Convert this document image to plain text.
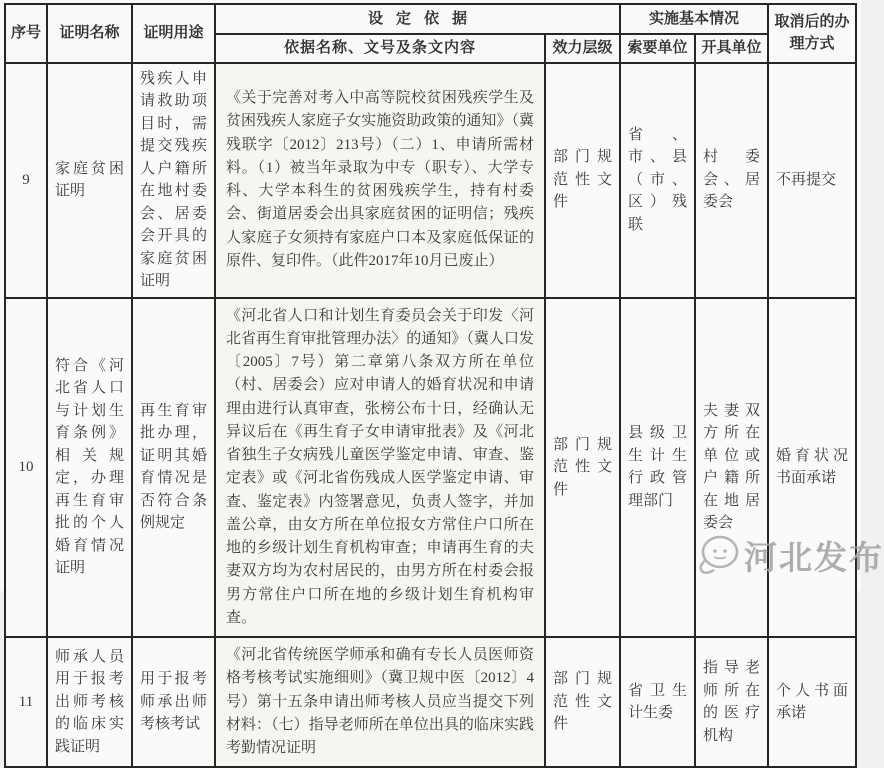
序号	证明名称	证明用途	设定依据		实施基本情况		取消后的办理方式
			依据名称、文号及条文内容	效力层级	索要单位	开具单位	
9	家庭贫困证明	残疾人申请救助项目时，需提交残疾人户籍所在地村委会、居委会开具的家庭贫困证明	《关于完善对考入中高等院校贫困残疾学生及贫困残疾人家庭子女实施资助政策的通知》（冀残联字〔2012〕213号）（二）1、申请所需材料。（1）被当年录取为中专（职专）、大学专科、大学本科生的贫困残疾学生，持有村委会、街道居委会出具家庭贫困的证明信；残疾人家庭子女须持有家庭户口本及家庭低保证的原件、复印件。（此件2017年10月已废止）	部门规范性文件	省、市、县（市、区）残联	村委会、居委会	不再提交
10	符合《河北省人口与计划生育条例》相关规定，办理再生育审批的个人婚育情况证明	再生育审批办理，证明其婚育情况是否符合条例规定	《河北省人口和计划生育委员会关于印发〈河北省再生育审批管理办法〉的通知》（冀人口发〔2005〕7号）第二章第八条双方所在单位（村、居委会）应对申请人的婚育状况和申请理由进行认真审查，张榜公布十日，经确认无异议后在《再生育子女申请审批表》及《河北省独生子女病残儿童医学鉴定申请、审查、鉴定表》或《河北省伤残成人医学鉴定申请、审查、鉴定表》内签署意见，负责人签字，并加盖公章，由女方所在单位报女方常住户口所在地的乡级计划生育机构审查；申请再生育的夫妻双方均为农村居民的，由男方所在村委会报男方常住户口所在地的乡级计划生育机构审查。	部门规范性文件	县级卫生计生行政管理部门	夫妻双方所在单位或户籍所在地居委会	婚育状况书面承诺
11	师承人员用于报考出师考核的临床实践证明	用于报考师承出师考核考试	《河北省传统医学师承和确有专长人员医师资格考核考试实施细则》（冀卫规中医〔2012〕4号）第十五条申请出师考核人员应当提交下列材料：（七）指导老师所在单位出具的临床实践考勤情况证明	部门规范性文件	省卫生计生委	指导老师所在的医疗机构	个人书面承诺
河北发布
